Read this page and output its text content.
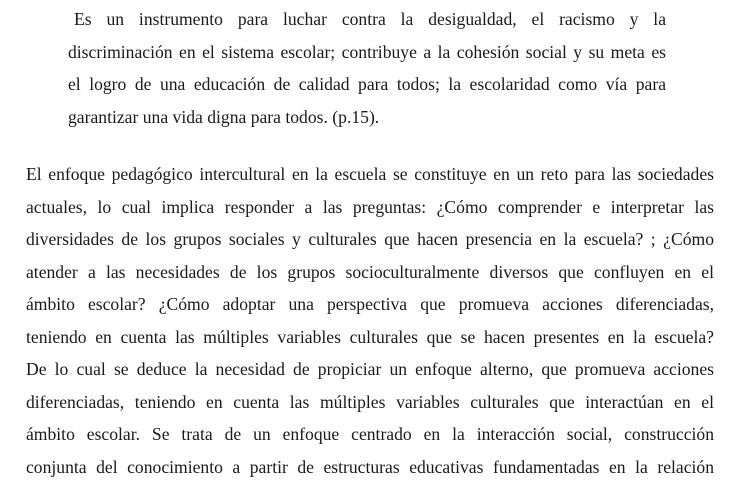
Es un instrumento para luchar contra la desigualdad, el racismo y la
discriminación en el sistema escolar; contribuye a la cohesión social y su meta es
el logro de una educación de calidad para todos; la escolaridad como vía para
garantizar una vida digna para todos. (p.15).
El enfoque pedagógico intercultural en la escuela se constituye en un reto para las sociedades
actuales, lo cual implica responder a las preguntas: ¿Cómo comprender e interpretar las
diversidades de los grupos sociales y culturales que hacen presencia en la escuela? ; ¿Cómo
atender a las necesidades de los grupos socioculturalmente diversos que confluyen en el
ámbito escolar? ¿Cómo adoptar una perspectiva que promueva acciones diferenciadas,
teniendo en cuenta las múltiples variables culturales que se hacen presentes en la escuela?
De lo cual se deduce la necesidad de propiciar un enfoque alterno, que promueva acciones
diferenciadas, teniendo en cuenta las múltiples variables culturales que interactúan en el
ámbito escolar. Se trata de un enfoque centrado en la interacción social, construcción
conjunta del conocimiento a partir de estructuras educativas fundamentadas en la relación
